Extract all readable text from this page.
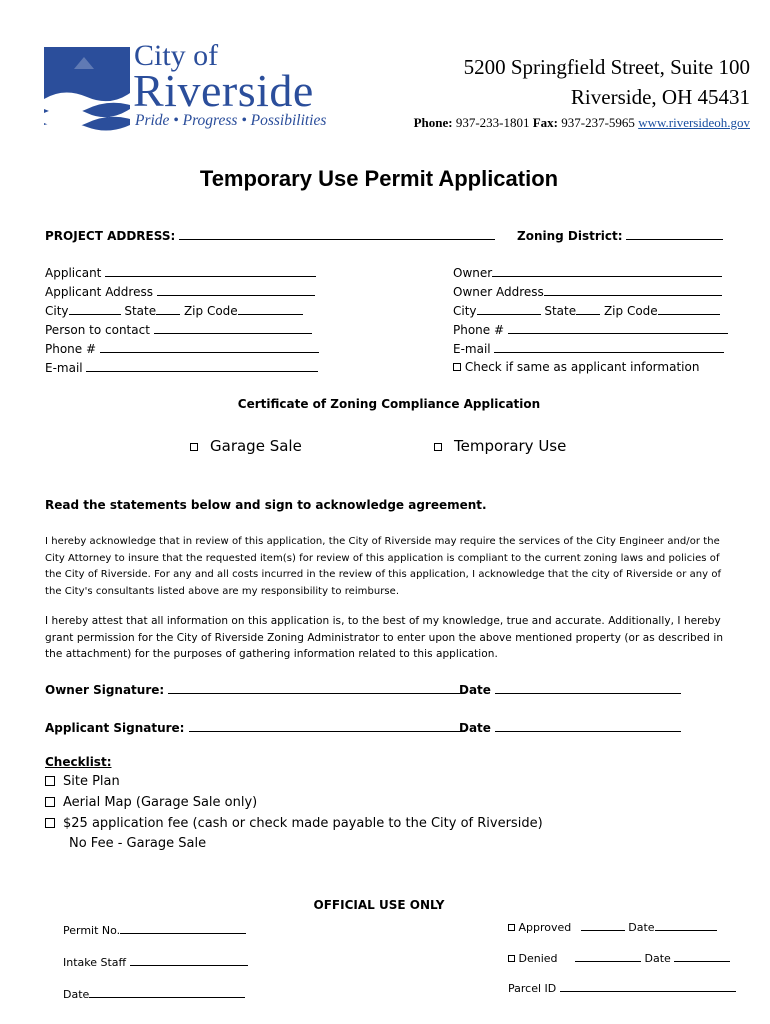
City of
Riverside
Pride • Progress • Possibilities
5200 Springfield Street, Suite 100
Riverside, OH 45431
Phone: 937-233-1801 Fax: 937-237-5965 www.riversideoh.gov
Temporary Use Permit Application
PROJECT ADDRESS:	Zoning District:
Applicant
Applicant Address
City	State Zip Code
Person to contact
Phone #
E-mail
Owner
Owner Address
City	State Zip Code
Phone #
E-mail
Check if same as applicant information
Certificate of Zoning Compliance Application
Garage Sale	Temporary Use
Read the statements below and sign to acknowledge agreement.
I hereby acknowledge that in review of this application, the City of Riverside may require the services of the City Engineer and/or the City Attorney to insure that the requested item(s) for review of this application is compliant to the current zoning laws and policies of the City of Riverside. For any and all costs incurred in the review of this application, I acknowledge that the city of Riverside or any of the City's consultants listed above are my responsibility to reimburse.
I hereby attest that all information on this application is, to the best of my knowledge, true and accurate. Additionally, I hereby grant permission for the City of Riverside Zoning Administrator to enter upon the above mentioned property (or as described in the attachment) for the purposes of gathering information related to this application.
Owner Signature:	Date
Applicant Signature:	Date
Checklist:
Site Plan
Aerial Map (Garage Sale only)
$25 application fee (cash or check made payable to the City of Riverside)
No Fee - Garage Sale
OFFICIAL USE ONLY
Permit No.
Intake Staff
Date
Approved	Date
Denied	Date
Parcel ID
